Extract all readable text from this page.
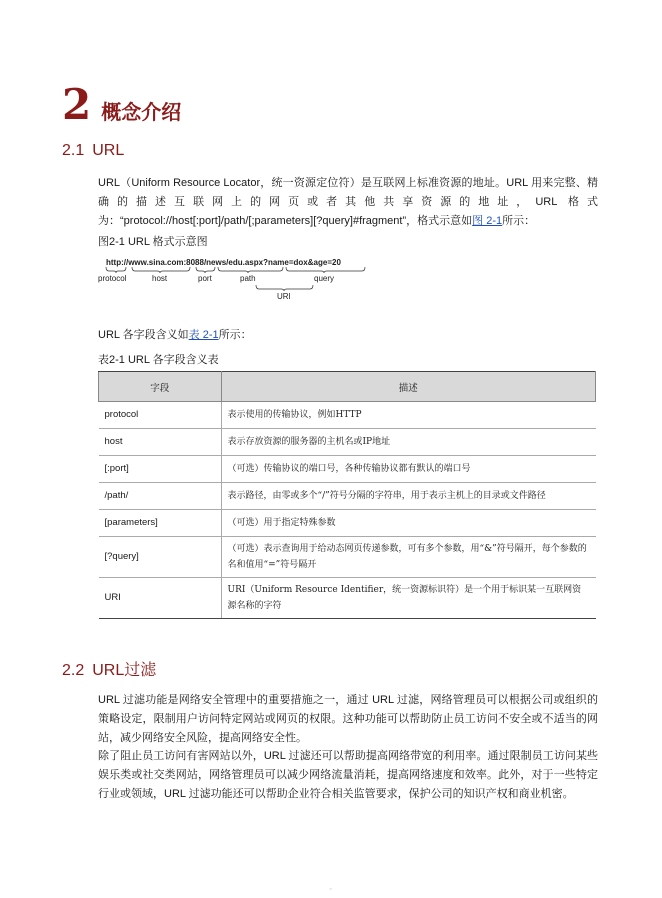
2 概念介绍
2.1 URL
URL（Uniform Resource Locator，统一资源定位符）是互联网上标准资源的地址。URL 用来完整、精确的描述互联网上的网页或者其他共享资源的地址，URL 格式为：“protocol://host[:port]/path/[;parameters][?query]#fragment”，格式示意如图 2-1所示：
图2-1 URL 格式示意图
http://www.sina.com:8088/news/edu.aspx?name=dox&age=20
protocol	host	port	path	query
URI
URL 各字段含义如表 2-1所示：
表2-1 URL 各字段含义表
字段	描述
protocol	表示使用的传输协议，例如HTTP
host	表示存放资源的服务器的主机名或IP地址
[:port]	（可选）传输协议的端口号，各种传输协议都有默认的端口号
/path/	表示路径，由零或多个“/”符号分隔的字符串，用于表示主机上的目录或文件路径
[parameters]	（可选）用于指定特殊参数
[?query]	（可选）表示查询用于给动态网页传递参数，可有多个参数，用“&”符号隔开，每个参数的名和值用“=”符号隔开
URI	URI（Uniform Resource Identifier，统一资源标识符）是一个用于标识某一互联网资源名称的字符
2.2 URL过滤
URL 过滤功能是网络安全管理中的重要措施之一，通过 URL 过滤，网络管理员可以根据公司或组织的策略设定，限制用户访问特定网站或网页的权限。这种功能可以帮助防止员工访问不安全或不适当的网站，减少网络安全风险，提高网络安全性。
除了阻止员工访问有害网站以外，URL 过滤还可以帮助提高网络带宽的利用率。通过限制员工访问某些娱乐类或社交类网站，网络管理员可以减少网络流量消耗，提高网络速度和效率。此外，对于一些特定行业或领域，URL 过滤功能还可以帮助企业符合相关监管要求，保护公司的知识产权和商业机密。
◦
